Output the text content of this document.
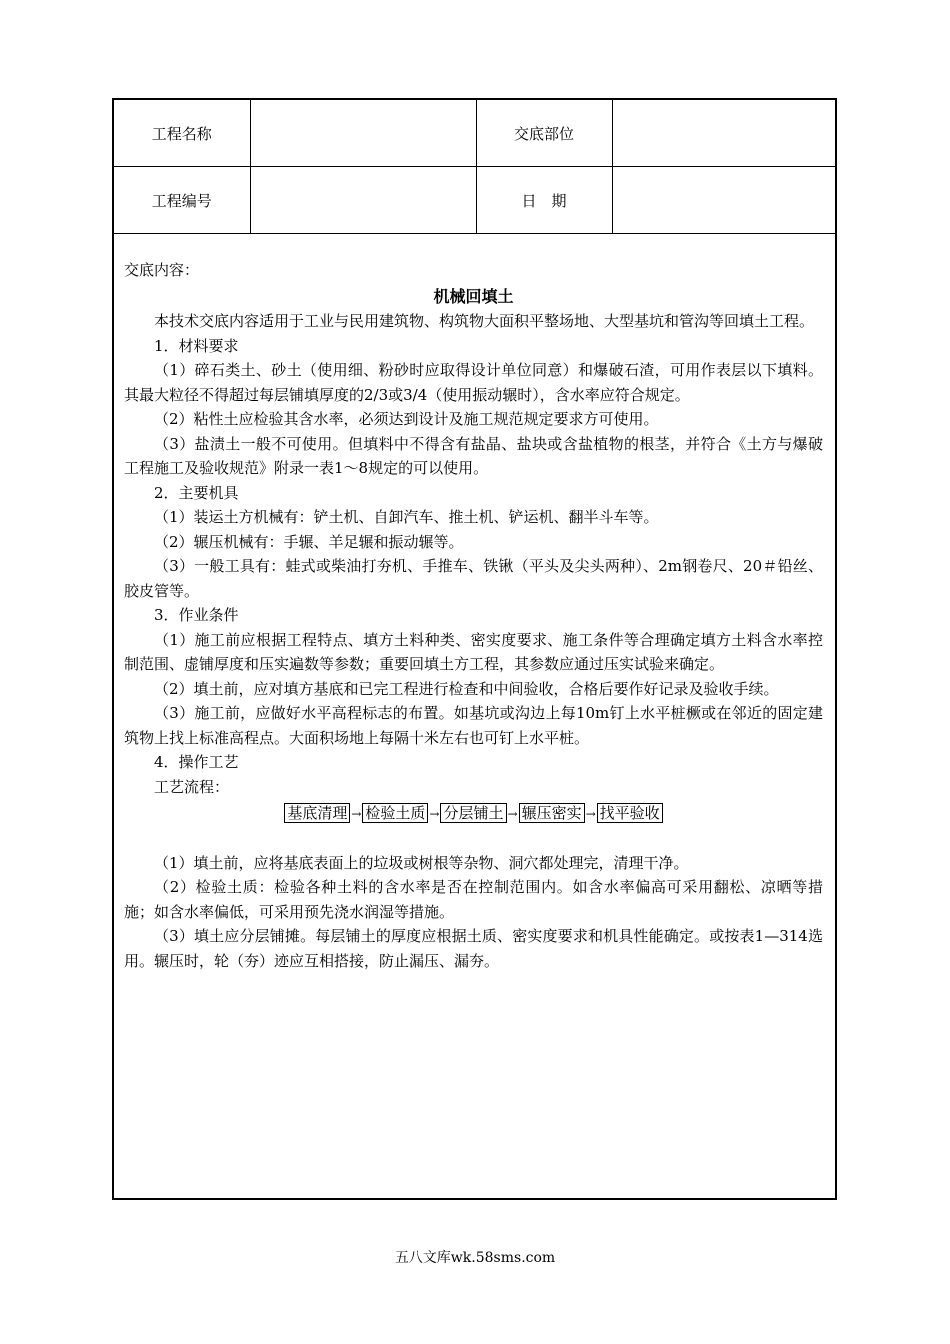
工程名称		交底部位	
工程编号		日　期	

交底内容：

机械回填土

本技术交底内容适用于工业与民用建筑物、构筑物大面积平整场地、大型基坑和管沟等回填土工程。

1．材料要求

（1）碎石类土、砂土（使用细、粉砂时应取得设计单位同意）和爆破石渣，可用作表层以下填料。其最大粒径不得超过每层铺填厚度的2/3或3/4（使用振动辗时），含水率应符合规定。

（2）粘性土应检验其含水率，必须达到设计及施工规范规定要求方可使用。

（3）盐渍土一般不可使用。但填料中不得含有盐晶、盐块或含盐植物的根茎，并符合《土方与爆破工程施工及验收规范》附录一表1～8规定的可以使用。

2．主要机具

（1）装运土方机械有：铲土机、自卸汽车、推土机、铲运机、翻半斗车等。

（2）辗压机械有：手辗、羊足辗和振动辗等。

（3）一般工具有：蛙式或柴油打夯机、手推车、铁锹（平头及尖头两种）、2m钢卷尺、20＃铅丝、胶皮管等。

3．作业条件

（1）施工前应根据工程特点、填方土料种类、密实度要求、施工条件等合理确定填方土料含水率控制范围、虚铺厚度和压实遍数等参数；重要回填土方工程，其参数应通过压实试验来确定。

（2）填土前，应对填方基底和已完工程进行检查和中间验收，合格后要作好记录及验收手续。

（3）施工前，应做好水平高程标志的布置。如基坑或沟边上每10m钉上水平桩橛或在邻近的固定建筑物上找上标准高程点。大面积场地上每隔十米左右也可钉上水平桩。

4．操作工艺

工艺流程：

基底清理 → 检验土质 → 分层铺土 → 辗压密实 → 找平验收

（1）填土前，应将基底表面上的垃圾或树根等杂物、洞穴都处理完，清理干净。

（2）检验土质：检验各种土料的含水率是否在控制范围内。如含水率偏高可采用翻松、凉晒等措施；如含水率偏低，可采用预先浇水润湿等措施。

（3）填土应分层铺摊。每层铺土的厚度应根据土质、密实度要求和机具性能确定。或按表1—314选用。辗压时，轮（夯）迹应互相搭接，防止漏压、漏夯。

五八文库wk.58sms.com
